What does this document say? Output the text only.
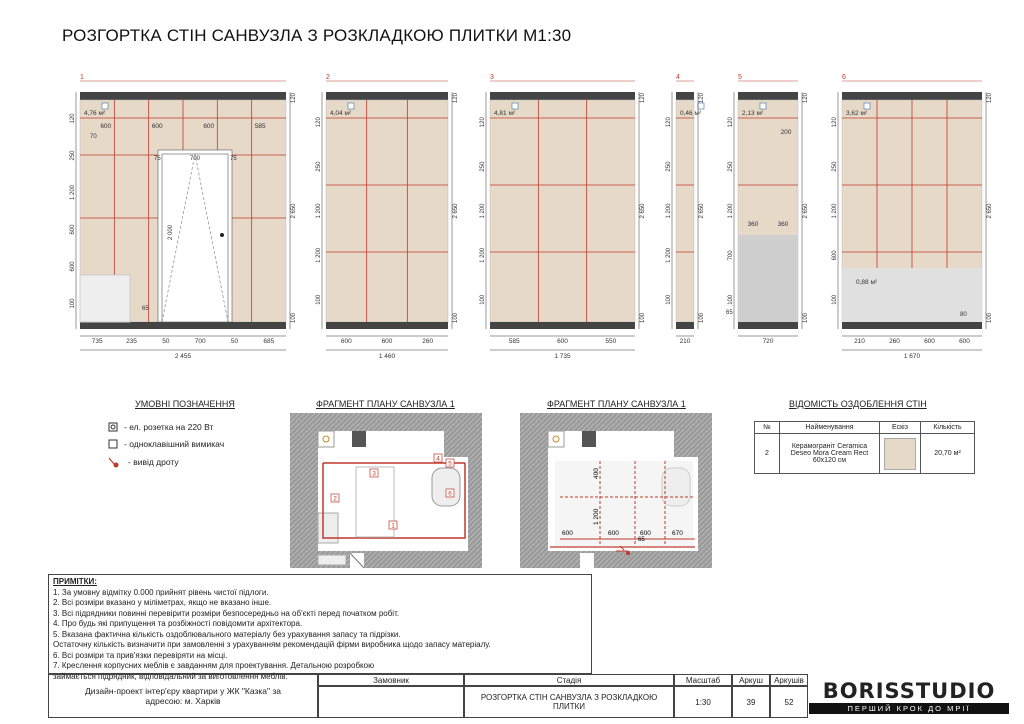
РОЗГОРТКА СТІН САНВУЗЛА З РОЗКЛАДКОЮ ПЛИТКИ М1:30
1
4,76 м²
120
250
1 200
600
600
100
120
2 650
100
735	235	50	700	50	685
2 455
600	600	600	585
75	700	75
70
2 000
65
2
4,04 м²
120
250
1 200
1 200
100
120
2 650
100
600	600	260
1 460
3
4,81 м²
120
250
1 200
1 200
100
120
2 650
100
585	600	550
1 735
4
0,46 м²
120
250
1 200
1 200
100
120
2 650
100
210
5
2,13 м²
120
250
1 200
700
100
120
2 650
100
720
360	360
200
65
6
3,62 м²
120
250
1 200
600
100
120
2 650
100
210	260	600	600
1 670
0,88 м²
80
УМОВНІ ПОЗНАЧЕННЯ
- ел. розетка на 220 Вт
- одноклавішний вимикач
- вивід дроту
ФРАГМЕНТ ПЛАНУ САНВУЗЛА 1
1
2
3
4
5
6
ФРАГМЕНТ ПЛАНУ САНВУЗЛА 1
600	600	600	670
400
1 200
65
ВІДОМІСТЬ ОЗДОБЛЕННЯ СТІН
№	Найменування	Ескіз	Кількість
2	Керамограніт Ceramica Deseo Mora Cream Rect 60x120 см		20,70 м²
ПРИМІТКИ:
1. За умовну відмітку 0.000 прийнят рівень чистої підлоги.
2. Всі розміри вказано у міліметрах, якщо не вказано інше.
3. Всі підрядники повинні перевірити розміри безпосередньо на об'єкті перед початком робіт.
4. Про будь які припущення та розбіжності повідомити архітектора.
5. Вказана фактична кількість оздоблювального матеріалу без урахування запасу та підрізки.
Остаточну кількість визначити при замовленні з урахуванням рекомендацій фірми виробника щодо запасу матеріалу.
6. Всі розміри та прив'язки перевіряти на місці.
7. Креслення корпусних меблів є завданням для проектування. Детальною розробкою
займається підрядник, відповідальний за виготовлення меблів.
Дизайн-проект інтер'єру квартири у ЖК "Казка" за адресою: м. Харків
Замовник	Стадія
РОЗГОРТКА СТІН САНВУЗЛА З РОЗКЛАДКОЮ ПЛИТКИ
Масштаб
1:30
Аркуш
39
Аркушів
52	BORISSTUDIO
ПЕРШИЙ КРОК ДО МРІЇ
